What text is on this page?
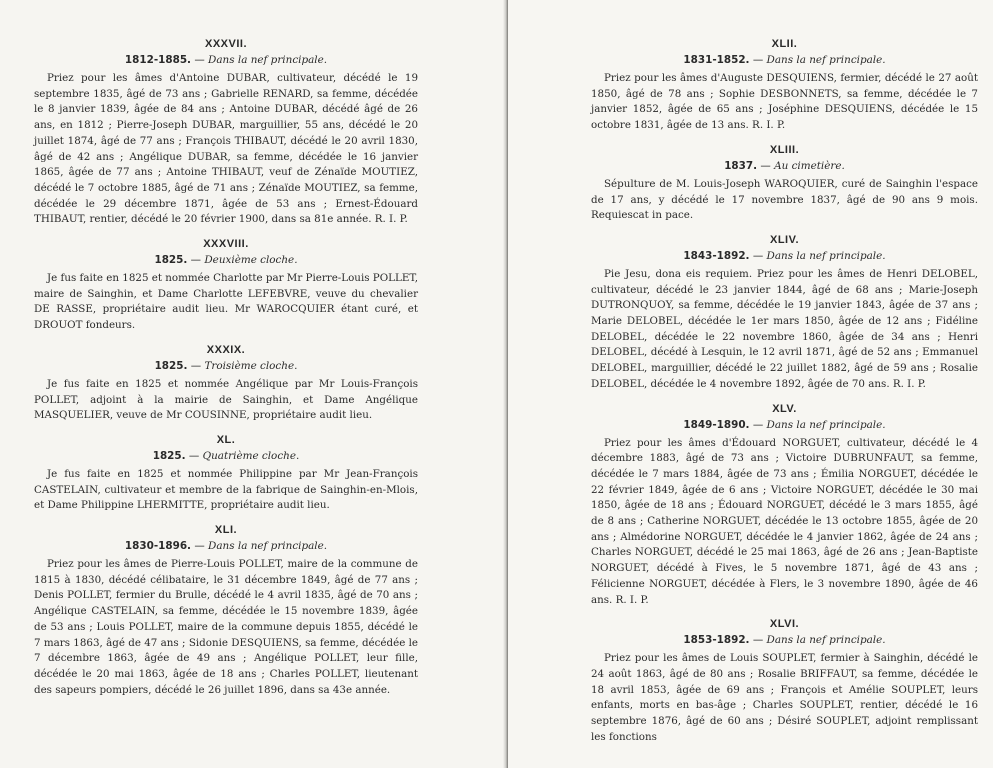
XXXVII.
1812-1885. — Dans la nef principale.

Priez pour les âmes d'Antoine DUBAR, cultivateur, décédé le 19 septembre 1835, âgé de 73 ans ; Gabrielle RENARD, sa femme, décédée le 8 janvier 1839, âgée de 84 ans ; Antoine DUBAR, décédé âgé de 26 ans, en 1812 ; Pierre-Joseph DUBAR, marguillier, 55 ans, décédé le 20 juillet 1874, âgé de 77 ans ; François THIBAUT, décédé le 20 avril 1830, âgé de 42 ans ; Angélique DUBAR, sa femme, décédée le 16 janvier 1865, âgée de 77 ans ; Antoine THIBAUT, veuf de Zénaïde MOUTIEZ, décédé le 7 octobre 1885, âgé de 71 ans ; Zénaïde MOUTIEZ, sa femme, décédée le 29 décembre 1871, âgée de 53 ans ; Ernest-Édouard THIBAUT, rentier, décédé le 20 février 1900, dans sa 81e année. R. I. P.

XXXVIII.
1825. — Deuxième cloche.

Je fus faite en 1825 et nommée Charlotte par Mr Pierre-Louis POLLET, maire de Sainghin, et Dame Charlotte LEFEBVRE, veuve du chevalier DE RASSE, propriétaire audit lieu. Mr WAROCQUIER étant curé, et DROUOT fondeurs.

XXXIX.
1825. — Troisième cloche.

Je fus faite en 1825 et nommée Angélique par Mr Louis-François POLLET, adjoint à la mairie de Sainghin, et Dame Angélique MASQUELIER, veuve de Mr COUSINNE, propriétaire audit lieu.

XL.
1825. — Quatrième cloche.

Je fus faite en 1825 et nommée Philippine par Mr Jean-François CASTELAIN, cultivateur et membre de la fabrique de Sainghin-en-Mlois, et Dame Philippine LHERMITTE, propriétaire audit lieu.

XLI.
1830-1896. — Dans la nef principale.

Priez pour les âmes de Pierre-Louis POLLET, maire de la commune de 1815 à 1830, décédé célibataire, le 31 décembre 1849, âgé de 77 ans ; Denis POLLET, fermier du Brulle, décédé le 4 avril 1835, âgé de 70 ans ; Angélique CASTELAIN, sa femme, décédée le 15 novembre 1839, âgée de 53 ans ; Louis POLLET, maire de la commune depuis 1855, décédé le 7 mars 1863, âgé de 47 ans ; Sidonie DESQUIENS, sa femme, décédée le 7 décembre 1863, âgée de 49 ans ; Angélique POLLET, leur fille, décédée le 20 mai 1863, âgée de 18 ans ; Charles POLLET, lieutenant des sapeurs pompiers, décédé le 26 juillet 1896, dans sa 43e année.

XLII.
1831-1852. — Dans la nef principale.

Priez pour les âmes d'Auguste DESQUIENS, fermier, décédé le 27 août 1850, âgé de 78 ans ; Sophie DESBONNETS, sa femme, décédée le 7 janvier 1852, âgée de 65 ans ; Joséphine DESQUIENS, décédée le 15 octobre 1831, âgée de 13 ans. R. I. P.

XLIII.
1837. — Au cimetière.

Sépulture de M. Louis-Joseph WAROQUIER, curé de Sainghin l'espace de 17 ans, y décédé le 17 novembre 1837, âgé de 90 ans 9 mois. Requiescat in pace.

XLIV.
1843-1892. — Dans la nef principale.

Pie Jesu, dona eis requiem. Priez pour les âmes de Henri DELOBEL, cultivateur, décédé le 23 janvier 1844, âgé de 68 ans ; Marie-Joseph DUTRONQUOY, sa femme, décédée le 19 janvier 1843, âgée de 37 ans ; Marie DELOBEL, décédée le 1er mars 1850, âgée de 12 ans ; Fidéline DELOBEL, décédée le 22 novembre 1860, âgée de 34 ans ; Henri DELOBEL, décédé à Lesquin, le 12 avril 1871, âgé de 52 ans ; Emmanuel DELOBEL, marguillier, décédé le 22 juillet 1882, âgé de 59 ans ; Rosalie DELOBEL, décédée le 4 novembre 1892, âgée de 70 ans. R. I. P.

XLV.
1849-1890. — Dans la nef principale.

Priez pour les âmes d'Édouard NORGUET, cultivateur, décédé le 4 décembre 1883, âgé de 73 ans ; Victoire DUBRUNFAUT, sa femme, décédée le 7 mars 1884, âgée de 73 ans ; Émilia NORGUET, décédée le 22 février 1849, âgée de 6 ans ; Victoire NORGUET, décédée le 30 mai 1850, âgée de 18 ans ; Édouard NORGUET, décédé le 3 mars 1855, âgé de 8 ans ; Catherine NORGUET, décédée le 13 octobre 1855, âgée de 20 ans ; Almédorine NORGUET, décédée le 4 janvier 1862, âgée de 24 ans ; Charles NORGUET, décédé le 25 mai 1863, âgé de 26 ans ; Jean-Baptiste NORGUET, décédé à Fives, le 5 novembre 1871, âgé de 43 ans ; Félicienne NORGUET, décédée à Flers, le 3 novembre 1890, âgée de 46 ans. R. I. P.

XLVI.
1853-1892. — Dans la nef principale.

Priez pour les âmes de Louis SOUPLET, fermier à Sainghin, décédé le 24 août 1863, âgé de 80 ans ; Rosalie BRIFFAUT, sa femme, décédée le 18 avril 1853, âgée de 69 ans ; François et Amélie SOUPLET, leurs enfants, morts en bas-âge ; Charles SOUPLET, rentier, décédé le 16 septembre 1876, âgé de 60 ans ; Désiré SOUPLET, adjoint remplissant les fonctions
